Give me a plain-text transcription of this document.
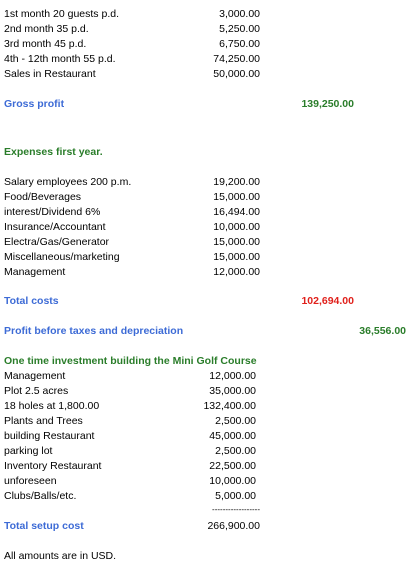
1st month 20 guests p.d.	3,000.00
2nd month 35 p.d.	5,250.00
3rd month 45 p.d.	6,750.00
4th - 12th month 55 p.d.	74,250.00
Sales in Restaurant	50,000.00
Gross profit	139,250.00
Expenses first year.
Salary employees 200 p.m.	19,200.00
Food/Beverages	15,000.00
interest/Dividend 6%	16,494.00
Insurance/Accountant	10,000.00
Electra/Gas/Generator	15,000.00
Miscellaneous/marketing	15,000.00
Management	12,000.00
Total costs	102,694.00
Profit before taxes and depreciation	36,556.00
One time investment building the Mini Golf Course
Management	12,000.00
Plot 2.5 acres	35,000.00
18 holes at 1,800.00	132,400.00
Plants and Trees	2,500.00
building Restaurant	45,000.00
parking lot	2,500.00
Inventory Restaurant	22,500.00
unforeseen	10,000.00
Clubs/Balls/etc.	5,000.00
------------------
Total setup cost	266,900.00
All amounts are in USD.
